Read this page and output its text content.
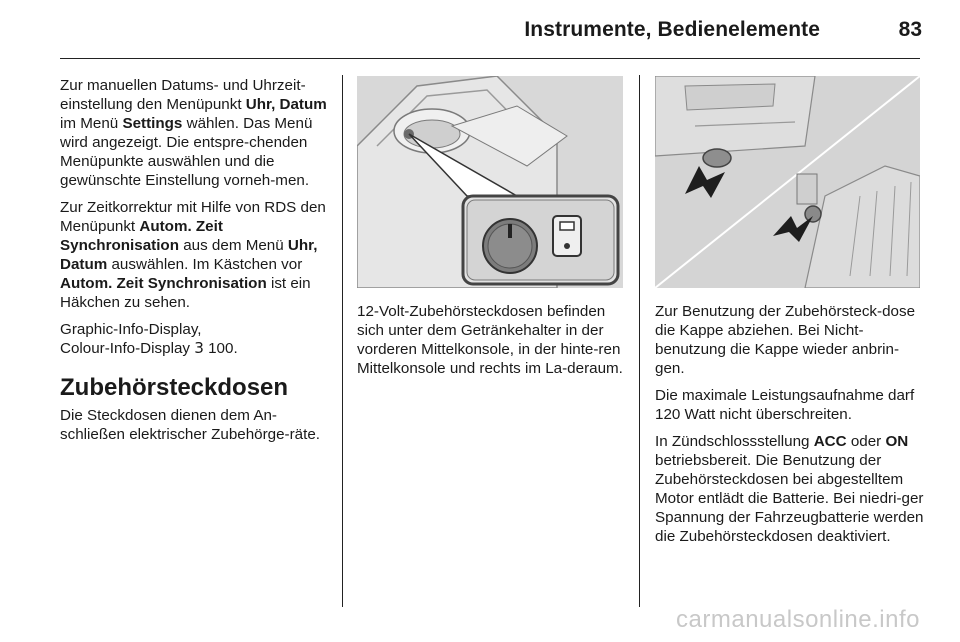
Instrumente, Bedienelemente	83

Zur manuellen Datums- und Uhrzeit-einstellung den Menüpunkt Uhr, Datum im Menü Settings wählen. Das Menü wird angezeigt. Die entspre-chenden Menüpunkte auswählen und die gewünschte Einstellung vorneh-men.

Zur Zeitkorrektur mit Hilfe von RDS den Menüpunkt Autom. Zeit Synchronisation aus dem Menü Uhr, Datum auswählen. Im Kästchen vor Autom. Zeit Synchronisation ist ein Häkchen zu sehen.

Graphic-Info-Display,
Colour-Info-Display 3 100.

Zubehörsteckdosen

Die Steckdosen dienen dem An-schließen elektrischer Zubehörge-räte.

12-Volt-Zubehörsteckdosen befinden sich unter dem Getränkehalter in der vorderen Mittelkonsole, in der hinte-ren Mittelkonsole und rechts im La-deraum.

Zur Benutzung der Zubehörsteck-dose die Kappe abziehen. Bei Nicht-benutzung die Kappe wieder anbrin-gen.

Die maximale Leistungsaufnahme darf 120 Watt nicht überschreiten.

In Zündschlossstellung ACC oder ON betriebsbereit. Die Benutzung der Zubehörsteckdosen bei abgestelltem Motor entlädt die Batterie. Bei niedri-ger Spannung der Fahrzeugbatterie werden die Zubehörsteckdosen deaktiviert.

carmanualsonline.info
